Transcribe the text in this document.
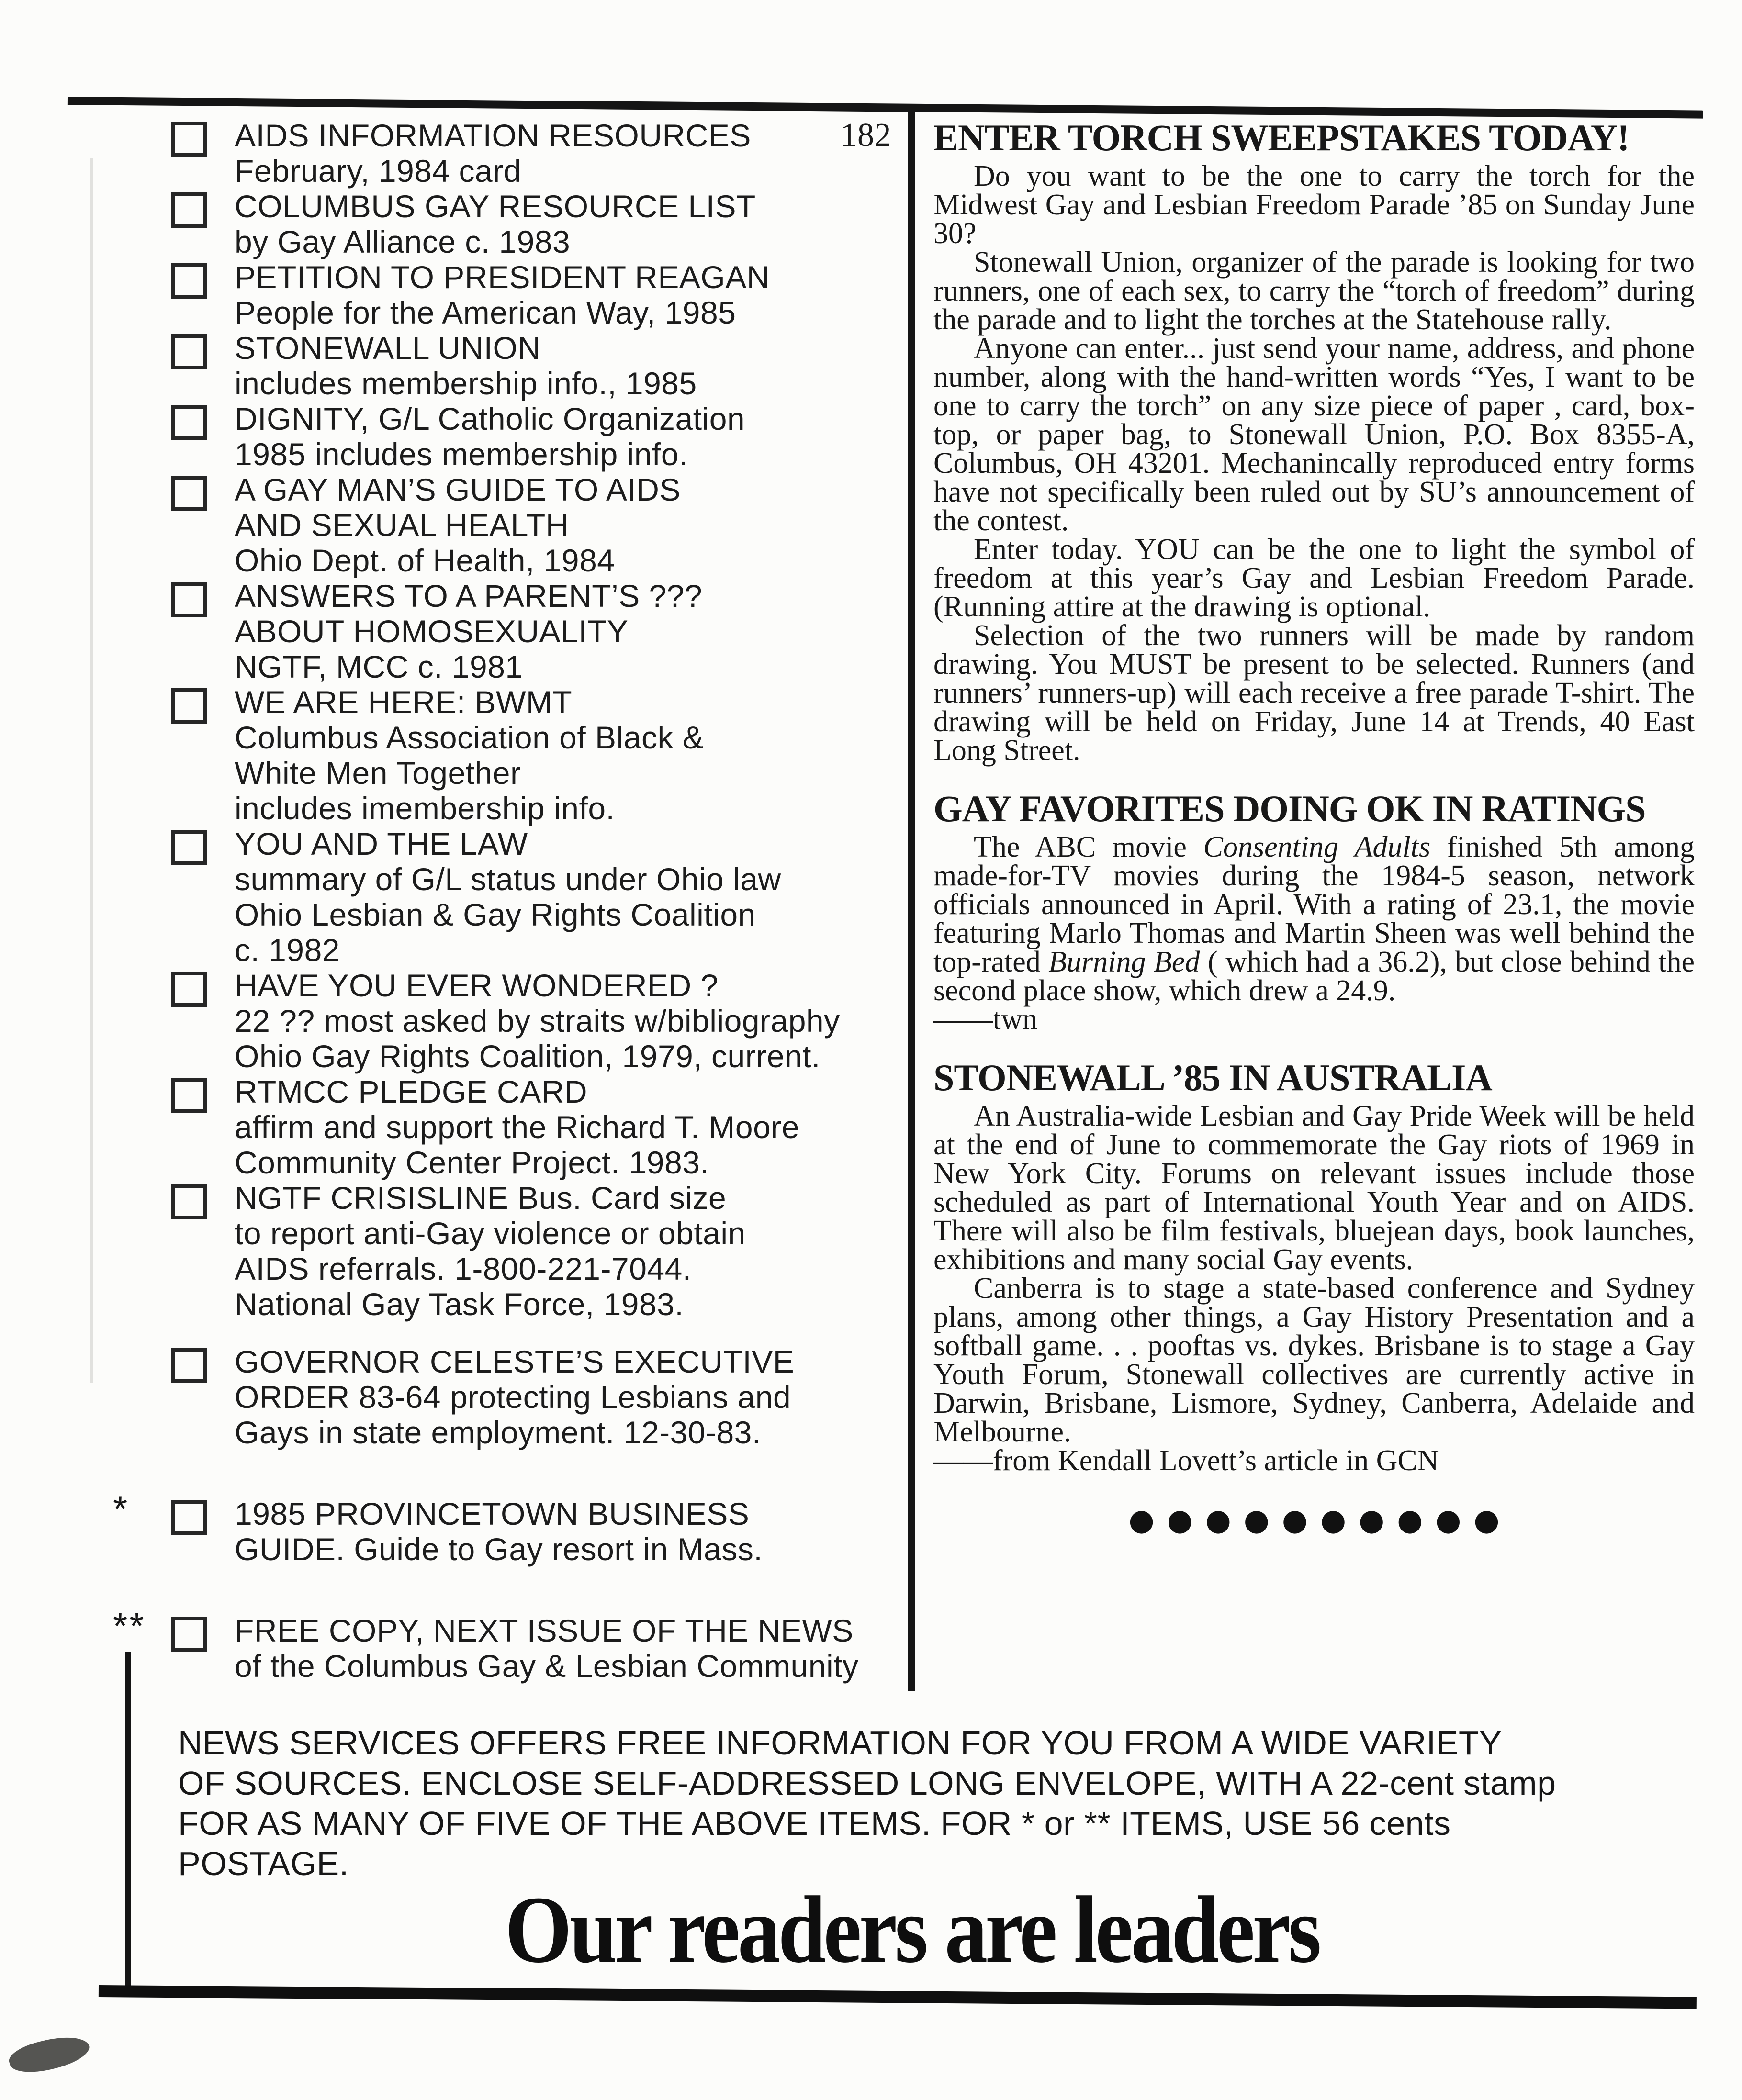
AIDS INFORMATION RESOURCES
February, 1984 card
182
COLUMBUS GAY RESOURCE LIST
by Gay Alliance c. 1983
PETITION TO PRESIDENT REAGAN
People for the American Way, 1985
STONEWALL UNION
includes membership info., 1985
DIGNITY, G/L Catholic Organization
1985 includes membership info.
A GAY MAN’S GUIDE TO AIDS
AND SEXUAL HEALTH
Ohio Dept. of Health, 1984
ANSWERS TO A PARENT’S ???
ABOUT HOMOSEXUALITY
NGTF, MCC c. 1981
WE ARE HERE: BWMT
Columbus Association of Black &
White Men Together
includes imembership info.
YOU AND THE LAW
summary of G/L status under Ohio law
Ohio Lesbian & Gay Rights Coalition
c. 1982
HAVE YOU EVER WONDERED ?
22 ?? most asked by straits w/bibliography
Ohio Gay Rights Coalition, 1979, current.
RTMCC PLEDGE CARD
affirm and support the Richard T. Moore
Community Center Project. 1983.
NGTF CRISISLINE Bus. Card size
to report anti-Gay violence or obtain
AIDS referrals. 1-800-221-7044.
National Gay Task Force, 1983.
GOVERNOR CELESTE’S EXECUTIVE
ORDER 83-64 protecting Lesbians and
Gays in state employment. 12-30-83.
*	1985 PROVINCETOWN BUSINESS
GUIDE. Guide to Gay resort in Mass.
**	FREE COPY, NEXT ISSUE OF THE NEWS
of the Columbus Gay & Lesbian Community
ENTER TORCH SWEEPSTAKES TODAY!

Do you want to be the one to carry the torch for the Midwest Gay and Lesbian Freedom Parade ’85 on Sunday June 30?

Stonewall Union, organizer of the parade is looking for two runners, one of each sex, to carry the “torch of freedom” during the parade and to light the torches at the Statehouse rally.

Anyone can enter... just send your name, address, and phone number, along with the hand-written words “Yes, I want to be one to carry the torch” on any size piece of paper , card, box-top, or paper bag, to Stonewall Union, P.O. Box 8355-A, Columbus, OH 43201. Mechanincally reproduced entry forms have not specifically been ruled out by SU’s announcement of the contest.

Enter today. YOU can be the one to light the symbol of freedom at this year’s Gay and Lesbian Freedom Parade. (Running attire at the drawing is optional.

Selection of the two runners will be made by random drawing. You MUST be present to be selected. Runners (and runners’ runners-up) will each receive a free parade T-shirt. The drawing will be held on Friday, June 14 at Trends, 40 East Long Street.

GAY FAVORITES DOING OK IN RATINGS

The ABC movie Consenting Adults finished 5th among made-for-TV movies during the 1984-5 season, network officials announced in April. With a rating of 23.1, the movie featuring Marlo Thomas and Martin Sheen was well behind the top-rated Burning Bed ( which had a 36.2), but close behind the second place show, which drew a 24.9.

——twn

STONEWALL ’85 IN AUSTRALIA

An Australia-wide Lesbian and Gay Pride Week will be held at the end of June to commemorate the Gay riots of 1969 in New York City. Forums on relevant issues include those scheduled as part of International Youth Year and on AIDS. There will also be film festivals, bluejean days, book launches, exhibitions and many social Gay events.

Canberra is to stage a state-based conference and Sydney plans, among other things, a Gay History Presentation and a softball game. . . pooftas vs. dykes. Brisbane is to stage a Gay Youth Forum, Stonewall collectives are currently active in Darwin, Brisbane, Lismore, Sydney, Canberra, Adelaide and Melbourne.

——from Kendall Lovett’s article in GCN

●●●●●●●●●●
NEWS SERVICES OFFERS FREE INFORMATION FOR YOU FROM A WIDE VARIETY
OF SOURCES. ENCLOSE SELF-ADDRESSED LONG ENVELOPE, WITH A 22-cent stamp
FOR AS MANY OF FIVE OF THE ABOVE ITEMS. FOR * or ** ITEMS, USE 56 cents
POSTAGE.
Our readers are leaders
